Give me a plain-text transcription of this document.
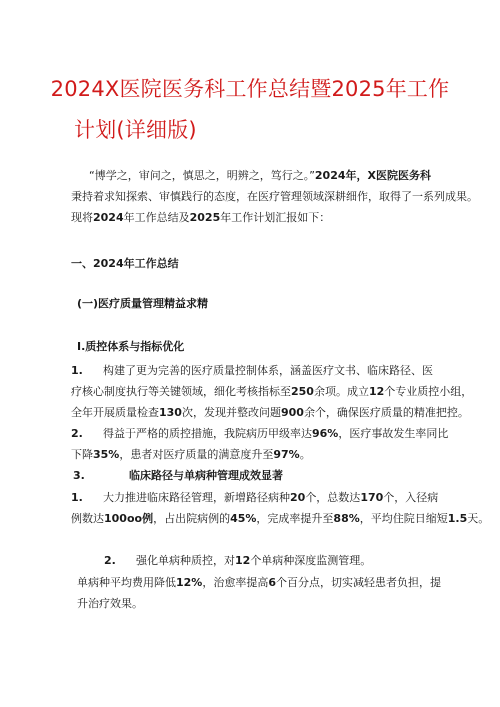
2024X医院医务科工作总结暨2025年工作
计划(详细版)
“博学之，审问之，慎思之，明辨之，笃行之。”2024年，X医院医务科
秉持着求知探索、审慎践行的态度，在医疗管理领域深耕细作，取得了一系列成果。
现将2024年工作总结及2025年工作计划汇报如下：
一、2024年工作总结
(一)医疗质量管理精益求精
I.质控体系与指标优化
1. 构建了更为完善的医疗质量控制体系，涵盖医疗文书、临床路径、医
疗核心制度执行等关键领域，细化考核指标至250余项。成立12个专业质控小组，
全年开展质量检查130次，发现并整改问题900余个，确保医疗质量的精准把控。
2. 得益于严格的质控措施，我院病历甲级率达96%，医疗事故发生率同比
下降35%，患者对医疗质量的满意度升至97%。
3.	临床路径与单病种管理成效显著
1. 大力推进临床路径管理，新增路径病种20个，总数达170个，入径病
例数达100oo例，占出院病例的45%，完成率提升至88%，平均住院日缩短1.5天。
2. 强化单病种质控，对12个单病种深度监测管理。
单病种平均费用降低12%，治愈率提高6个百分点，切实减轻患者负担，提
升治疗效果。
